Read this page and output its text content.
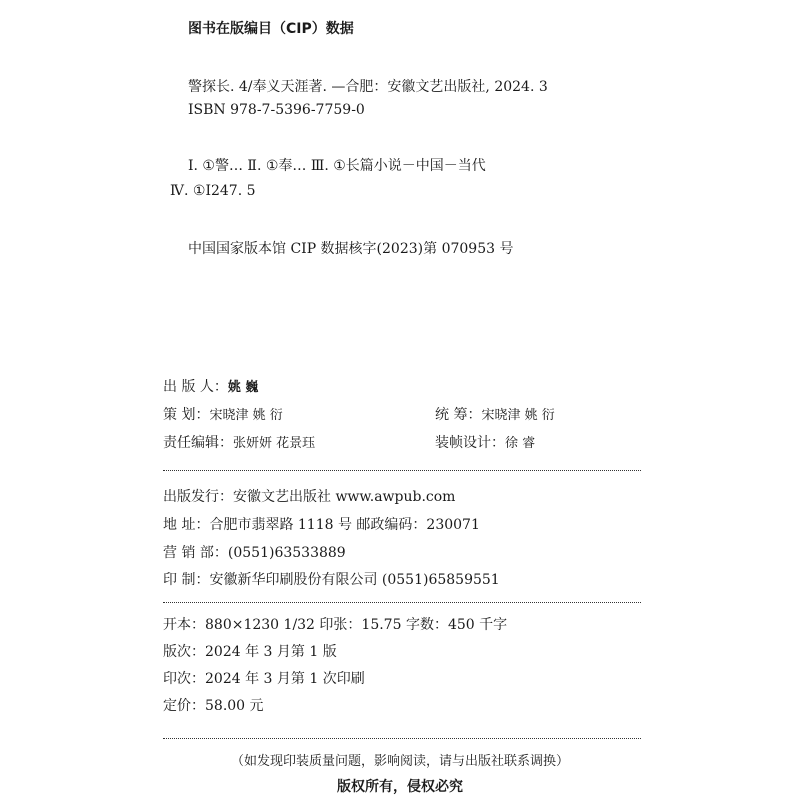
图书在版编目（CIP）数据
警探长. 4/奉义天涯著. —合肥：安徽文艺出版社, 2024. 3
ISBN 978-7-5396-7759-0
Ⅰ. ①警… Ⅱ. ①奉… Ⅲ. ①长篇小说－中国－当代
Ⅳ. ①I247. 5
中国国家版本馆 CIP 数据核字(2023)第 070953 号
出 版 人：姚 巍
策 划：宋晓津 姚 衍	统 筹：宋晓津 姚 衍
责任编辑：张妍妍 花景珏	装帧设计：徐 睿
出版发行：安徽文艺出版社 www.awpub.com
地 址：合肥市翡翠路 1118 号 邮政编码：230071
营 销 部：(0551)63533889
印 制：安徽新华印刷股份有限公司 (0551)65859551
开本：880×1230 1/32 印张：15.75 字数：450 千字
版次：2024 年 3 月第 1 版
印次：2024 年 3 月第 1 次印刷
定价：58.00 元
（如发现印装质量问题，影响阅读，请与出版社联系调换）
版权所有，侵权必究
